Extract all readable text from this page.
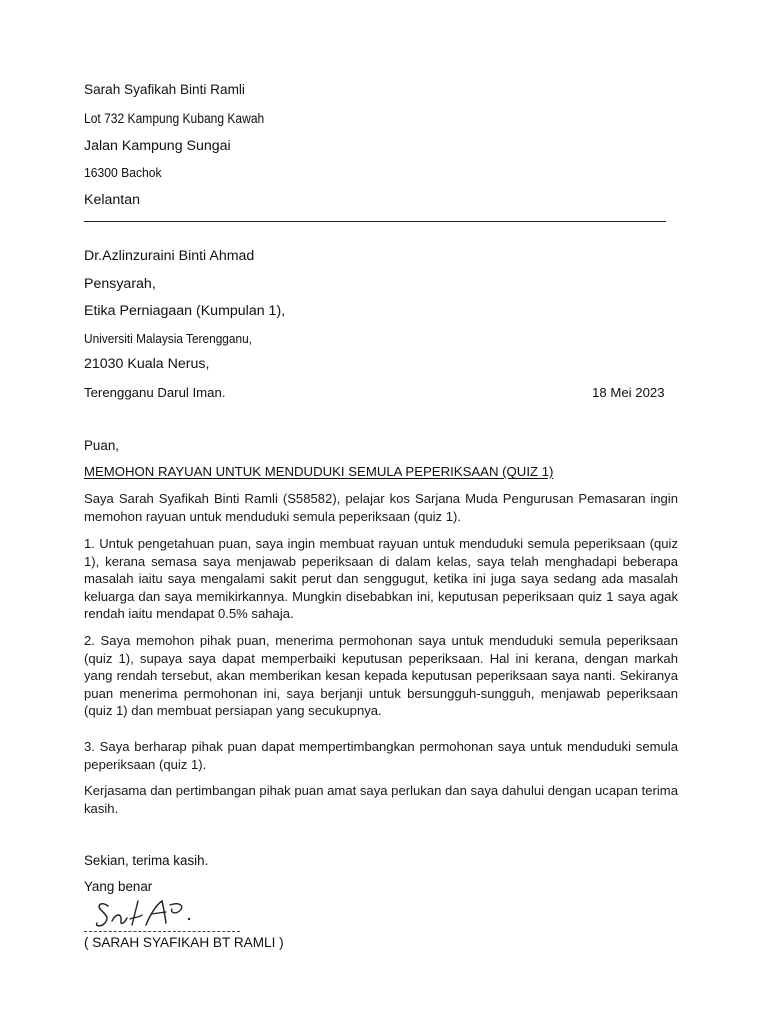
Sarah Syafikah Binti Ramli
Lot 732 Kampung Kubang Kawah
Jalan Kampung Sungai
16300 Bachok
Kelantan
Dr.Azlinzuraini Binti Ahmad
Pensyarah,
Etika Perniagaan (Kumpulan 1),
Universiti Malaysia Terengganu,
21030 Kuala Nerus,
Terengganu Darul Iman.	18 Mei 2023
Puan,
MEMOHON RAYUAN UNTUK MENDUDUKI SEMULA PEPERIKSAAN (QUIZ 1)
Saya Sarah Syafikah Binti Ramli (S58582), pelajar kos Sarjana Muda Pengurusan Pemasaran ingin memohon rayuan untuk menduduki semula peperiksaan (quiz 1).
1. Untuk pengetahuan puan, saya ingin membuat rayuan untuk menduduki semula peperiksaan (quiz 1), kerana semasa saya menjawab peperiksaan di dalam kelas, saya telah menghadapi beberapa masalah iaitu saya mengalami sakit perut dan senggugut, ketika ini juga saya sedang ada masalah keluarga dan saya memikirkannya. Mungkin disebabkan ini, keputusan peperiksaan quiz 1 saya agak rendah iaitu mendapat 0.5% sahaja.
2. Saya memohon pihak puan, menerima permohonan saya untuk menduduki semula peperiksaan (quiz 1), supaya saya dapat memperbaiki keputusan peperiksaan. Hal ini kerana, dengan markah yang rendah tersebut, akan memberikan kesan kepada keputusan peperiksaan saya nanti. Sekiranya puan menerima permohonan ini, saya berjanji untuk bersungguh-sungguh, menjawab peperiksaan (quiz 1) dan membuat persiapan yang secukupnya.
3. Saya berharap pihak puan dapat mempertimbangkan permohonan saya untuk menduduki semula peperiksaan (quiz 1).
Kerjasama dan pertimbangan pihak puan amat saya perlukan dan saya dahului dengan ucapan terima kasih.
Sekian, terima kasih.
Yang benar
( SARAH SYAFIKAH BT RAMLI )
